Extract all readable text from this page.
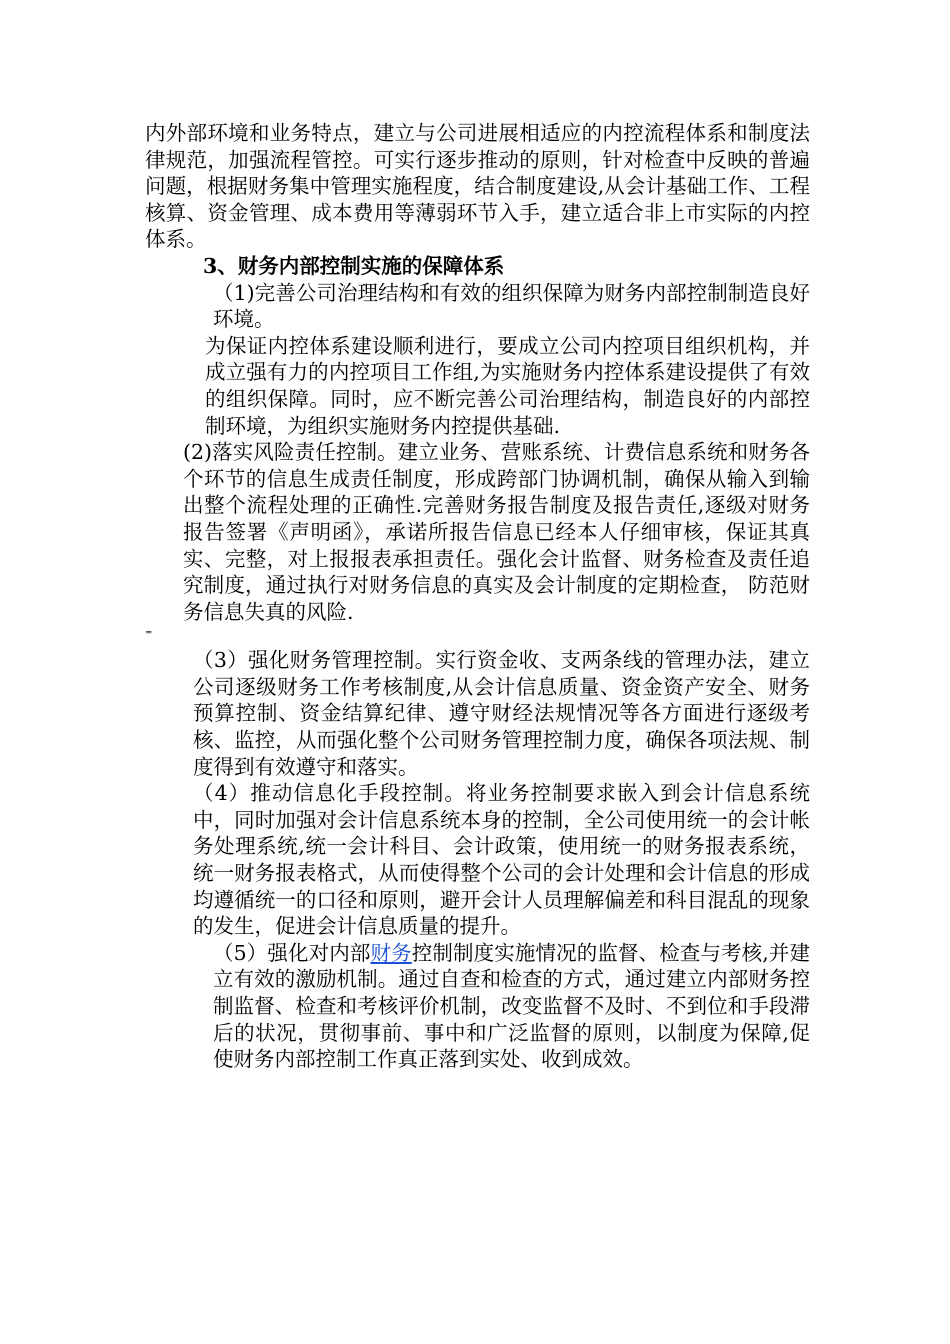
内外部环境和业务特点，建立与公司进展相适应的内控流程体系和制度法律规范，加强流程管控。可实行逐步推动的原则，针对检查中反映的普遍问题，根据财务集中管理实施程度，结合制度建设,从会计基础工作、工程核算、资金管理、成本费用等薄弱环节入手，建立适合非上市实际的内控体系。

3、财务内部控制实施的保障体系

（1)完善公司治理结构和有效的组织保障为财务内部控制制造良好环境。

为保证内控体系建设顺利进行，要成立公司内控项目组织机构，并成立强有力的内控项目工作组,为实施财务内控体系建设提供了有效的组织保障。同时，应不断完善公司治理结构，制造良好的内部控制环境，为组织实施财务内控提供基础.

(2)落实风险责任控制。建立业务、营账系统、计费信息系统和财务各个环节的信息生成责任制度，形成跨部门协调机制，确保从输入到输出整个流程处理的正确性.完善财务报告制度及报告责任,逐级对财务报告签署《声明函》，承诺所报告信息已经本人仔细审核，保证其真实、完整，对上报报表承担责任。强化会计监督、财务检查及责任追究制度，通过执行对财务信息的真实及会计制度的定期检查， 防范财务信息失真的风险.

⁼

（3）强化财务管理控制。实行资金收、支两条线的管理办法，建立公司逐级财务工作考核制度,从会计信息质量、资金资产安全、财务预算控制、资金结算纪律、遵守财经法规情况等各方面进行逐级考核、监控，从而强化整个公司财务管理控制力度，确保各项法规、制度得到有效遵守和落实。

（4）推动信息化手段控制。将业务控制要求嵌入到会计信息系统中，同时加强对会计信息系统本身的控制，全公司使用统一的会计帐务处理系统,统一会计科目、会计政策，使用统一的财务报表系统，统一财务报表格式，从而使得整个公司的会计处理和会计信息的形成均遵循统一的口径和原则，避开会计人员理解偏差和科目混乱的现象的发生，促进会计信息质量的提升。

（5）强化对内部财务控制制度实施情况的监督、检查与考核,并建立有效的激励机制。通过自查和检查的方式，通过建立内部财务控制监督、检查和考核评价机制，改变监督不及时、不到位和手段滞后的状况，贯彻事前、事中和广泛监督的原则，以制度为保障,促使财务内部控制工作真正落到实处、收到成效。
